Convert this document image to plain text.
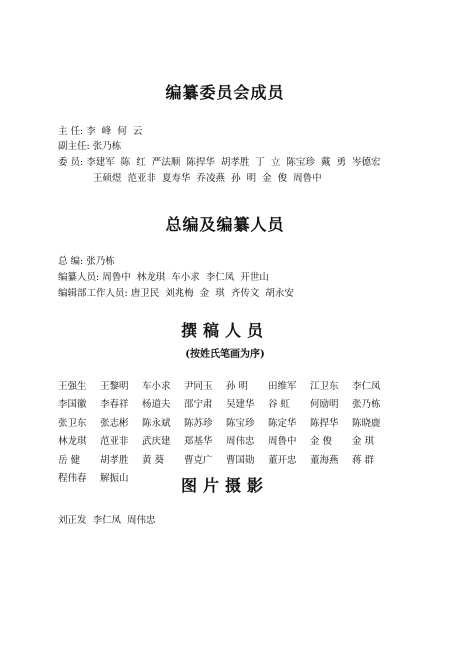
编纂委员会成员
主 任: 李 峰 何 云
副主任: 张乃栋
委 员: 李建军 陈 红 严法顺 陈捍华 胡孝胜 丁 立 陈宝珍 戴 勇 岑德宏
王硕煜 范亚非 夏寿华 乔凌燕 孙 明 金 俊 周鲁中
总编及编纂人员
总 编: 张乃栋
编纂人员: 周鲁中 林龙琪 车小求 李仁凤 开世山
编辑部工作人员: 唐卫民 刘兆梅 金 琪 齐传文 胡永安
撰稿人员
(按姓氏笔画为序)
王强生 王黎明 车小求 尹同玉 孙 明 田维军 江卫东 李仁凤李国徽 李春祥 杨道夫 邵宁肃 吴建华 谷 虹 何励明 张乃栋张卫东 张志彬 陈永斌 陈苏珍 陈宝珍 陈定华 陈捍华 陈晓鹿林龙琪 范亚非 武庆建 郑基华 周伟忠 周鲁中 金 俊 金 琪岳 健 胡孝胜 黄 葵 曹克广 曹国勋 董开忠 董海燕 蒋 群程伟春 解振山	图片摄影
刘正发 李仁凤 周伟忠
